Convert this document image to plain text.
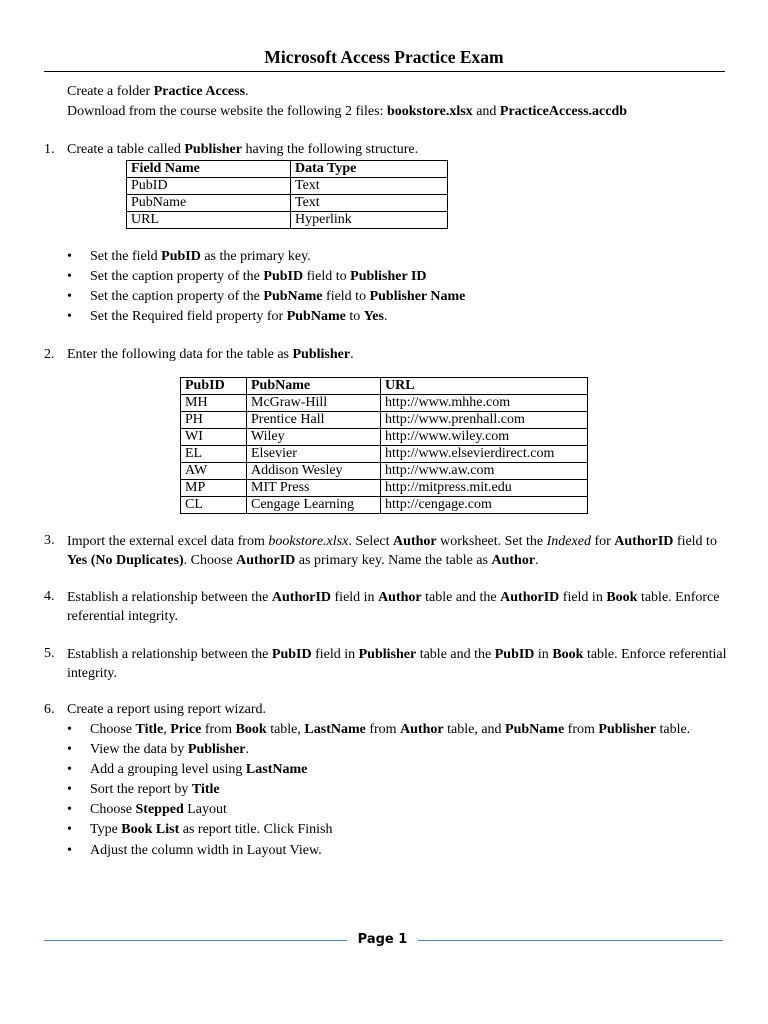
Microsoft Access Practice Exam
Create a folder Practice Access.
Download from the course website the following 2 files: bookstore.xlsx and PracticeAccess.accdb
1. Create a table called Publisher having the following structure.
Field Name	Data Type
PubID	Text
PubName	Text
URL	Hyperlink
• Set the field PubID as the primary key.
• Set the caption property of the PubID field to Publisher ID
• Set the caption property of the PubName field to Publisher Name
• Set the Required field property for PubName to Yes.
2. Enter the following data for the table as Publisher.
PubID	PubName	URL
MH	McGraw-Hill	http://www.mhhe.com
PH	Prentice Hall	http://www.prenhall.com
WI	Wiley	http://www.wiley.com
EL	Elsevier	http://www.elsevierdirect.com
AW	Addison Wesley	http://www.aw.com
MP	MIT Press	http://mitpress.mit.edu
CL	Cengage Learning	http://cengage.com
3. Import the external excel data from bookstore.xlsx. Select Author worksheet. Set the Indexed for AuthorID field to Yes (No Duplicates). Choose AuthorID as primary key. Name the table as Author.
4. Establish a relationship between the AuthorID field in Author table and the AuthorID field in Book table. Enforce referential integrity.
5. Establish a relationship between the PubID field in Publisher table and the PubID in Book table. Enforce referential integrity.
6. Create a report using report wizard.
• Choose Title, Price from Book table, LastName from Author table, and PubName from Publisher table.
• View the data by Publisher.
• Add a grouping level using LastName
• Sort the report by Title
• Choose Stepped Layout
• Type Book List as report title. Click Finish
• Adjust the column width in Layout View.
Page 1
